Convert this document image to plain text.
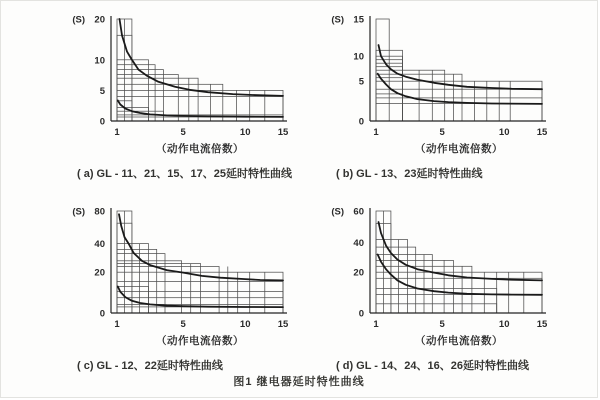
0
5
10
20
1	5	10	15
(S)
（动作电流倍数）
( a) GL - 11、21、15、17、25延时特性曲线
0
5
10
15
1	5	10	15
(S)
（动作电流倍数）
( b) GL - 13、23延时特性曲线
0
20
40
80
1	5	10	15
(S)
（动作电流倍数）
( c) GL - 12、22延时特性曲线
0
20
40
60
1	5	10	15
(S)
（动作电流倍数）
( d) GL - 14、24、16、26延时特性曲线
图1 继电器延时特性曲线
